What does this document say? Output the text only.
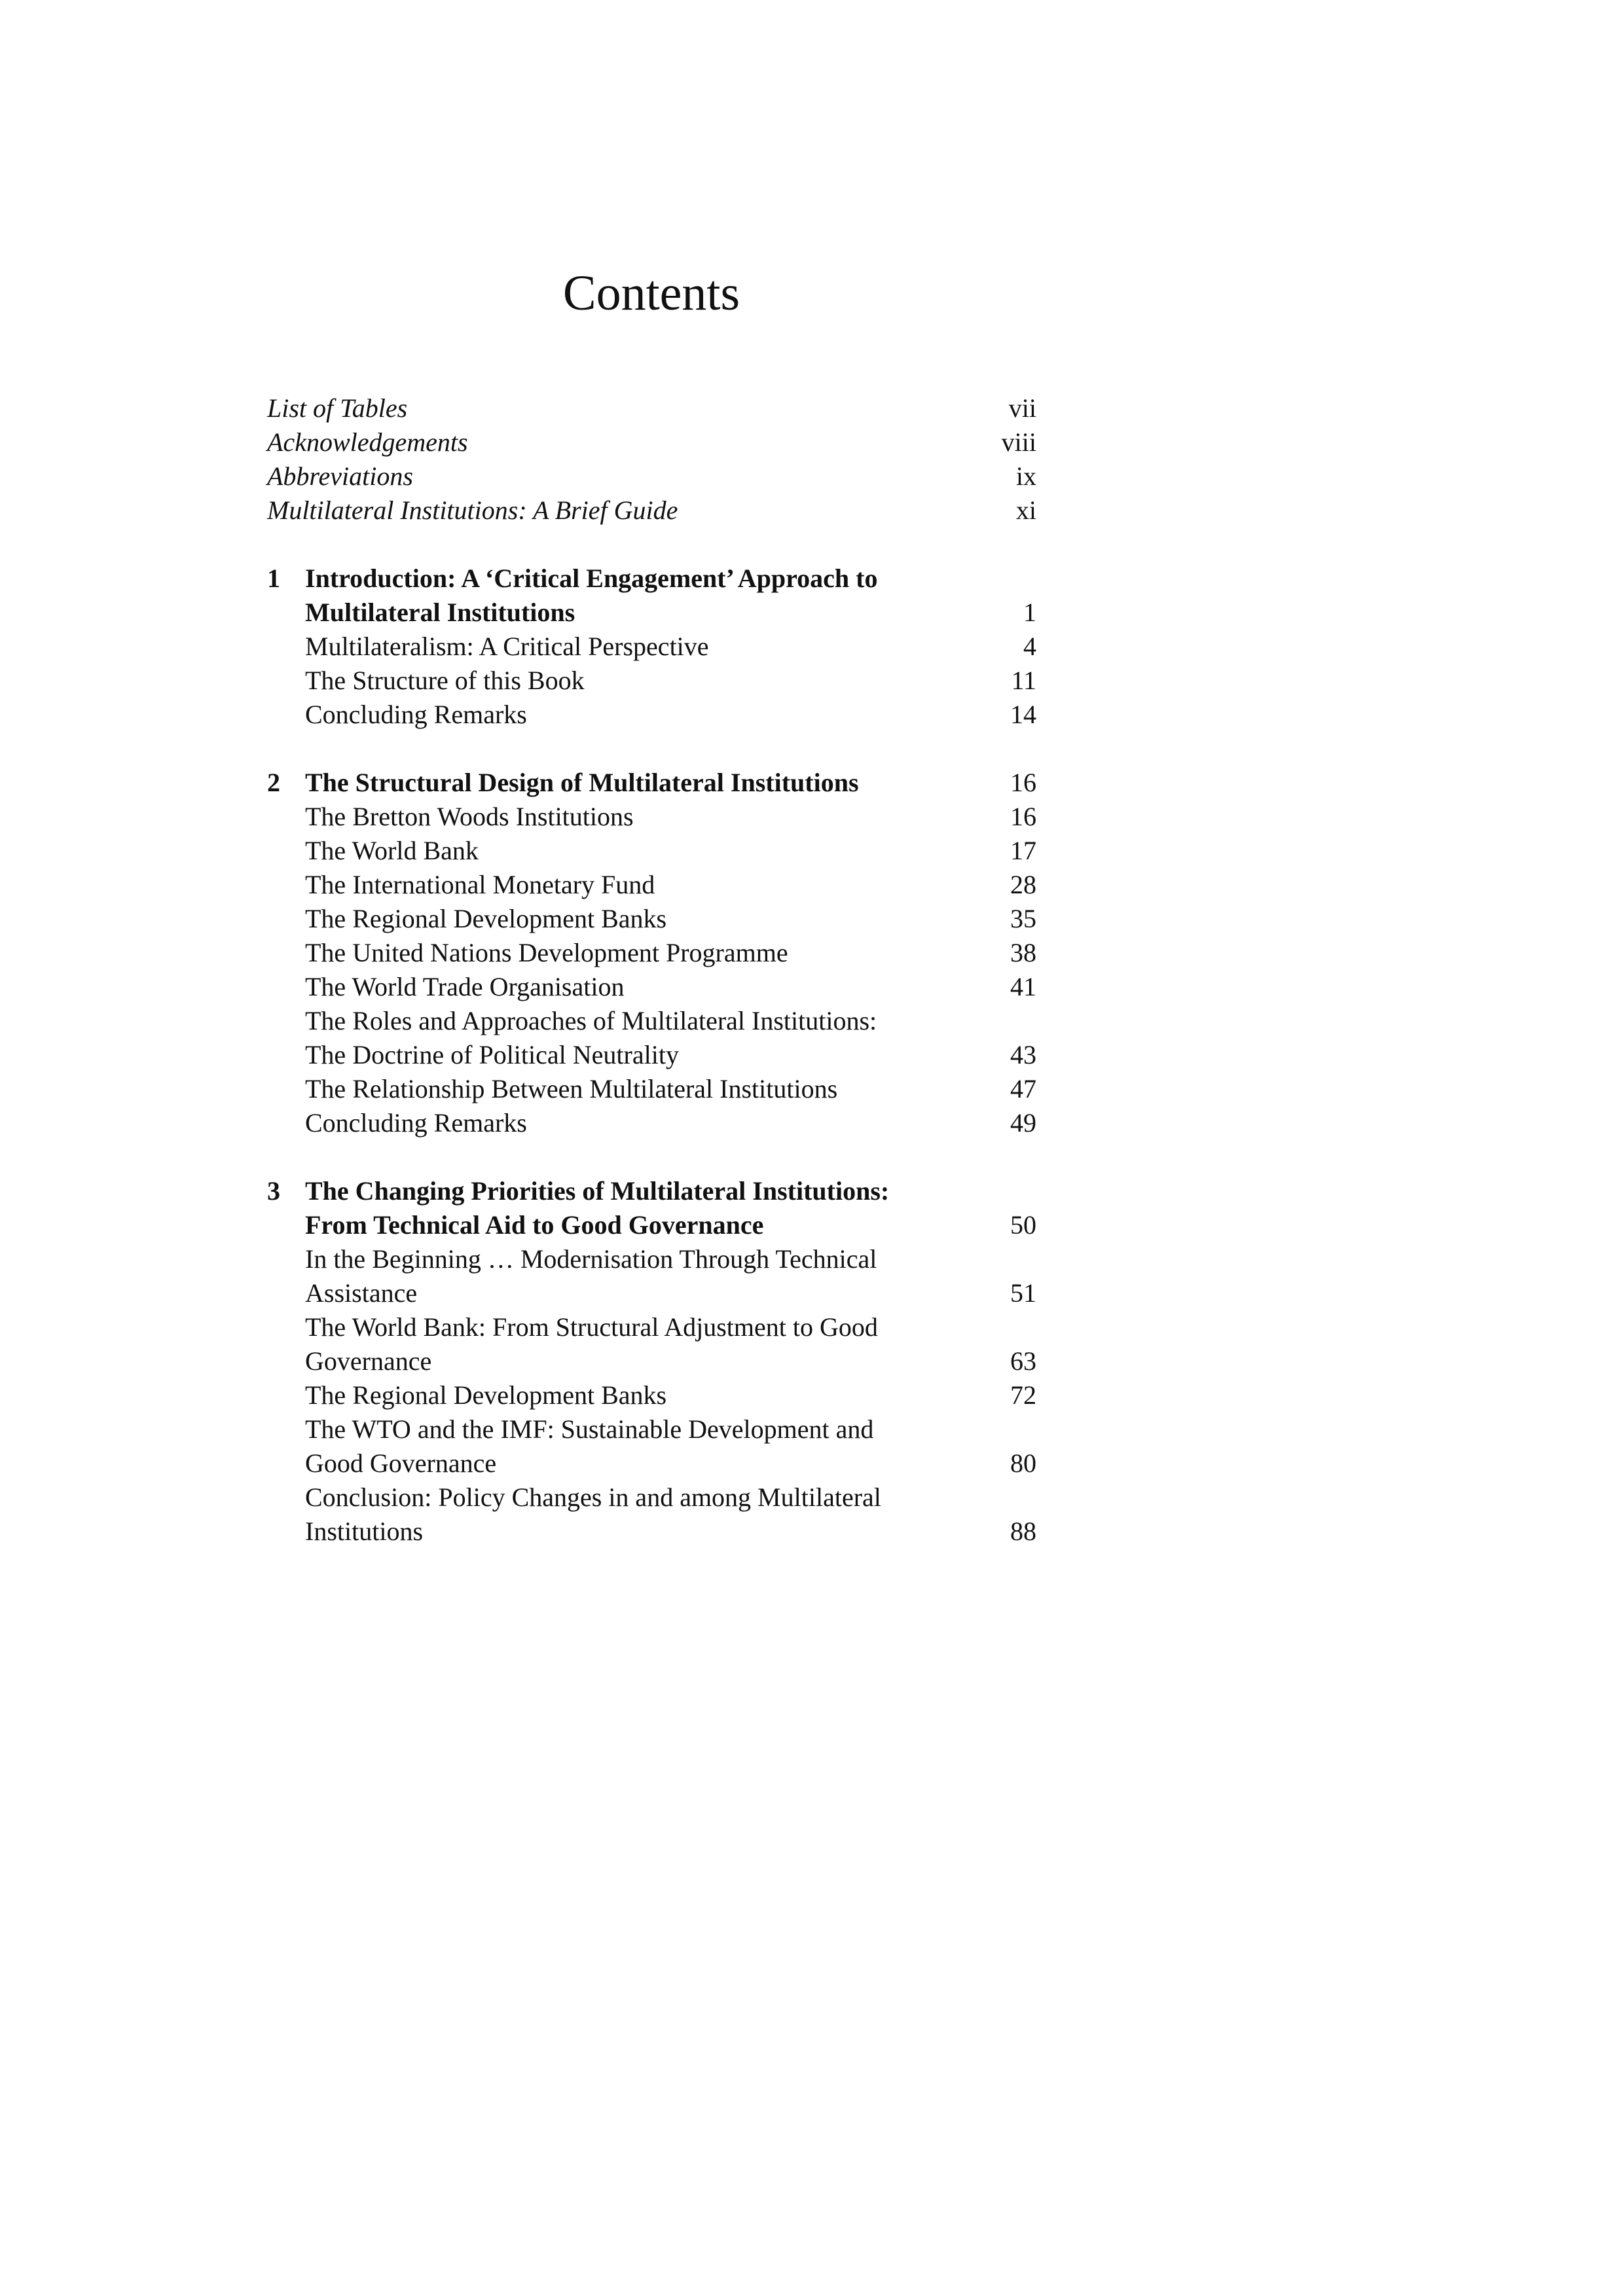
Contents
List of Tables	vii
Acknowledgements	viii
Abbreviations	ix
Multilateral Institutions: A Brief Guide	xi
1 Introduction: A ‘Critical Engagement’ Approach to
Multilateral Institutions	1
Multilateralism: A Critical Perspective	4
The Structure of this Book	11
Concluding Remarks	14
2 The Structural Design of Multilateral Institutions	16
The Bretton Woods Institutions	16
The World Bank	17
The International Monetary Fund	28
The Regional Development Banks	35
The United Nations Development Programme	38
The World Trade Organisation	41
The Roles and Approaches of Multilateral Institutions:
The Doctrine of Political Neutrality	43
The Relationship Between Multilateral Institutions	47
Concluding Remarks	49
3 The Changing Priorities of Multilateral Institutions:
From Technical Aid to Good Governance	50
In the Beginning … Modernisation Through Technical
Assistance	51
The World Bank: From Structural Adjustment to Good
Governance	63
The Regional Development Banks	72
The WTO and the IMF: Sustainable Development and
Good Governance	80
Conclusion: Policy Changes in and among Multilateral
Institutions	88
